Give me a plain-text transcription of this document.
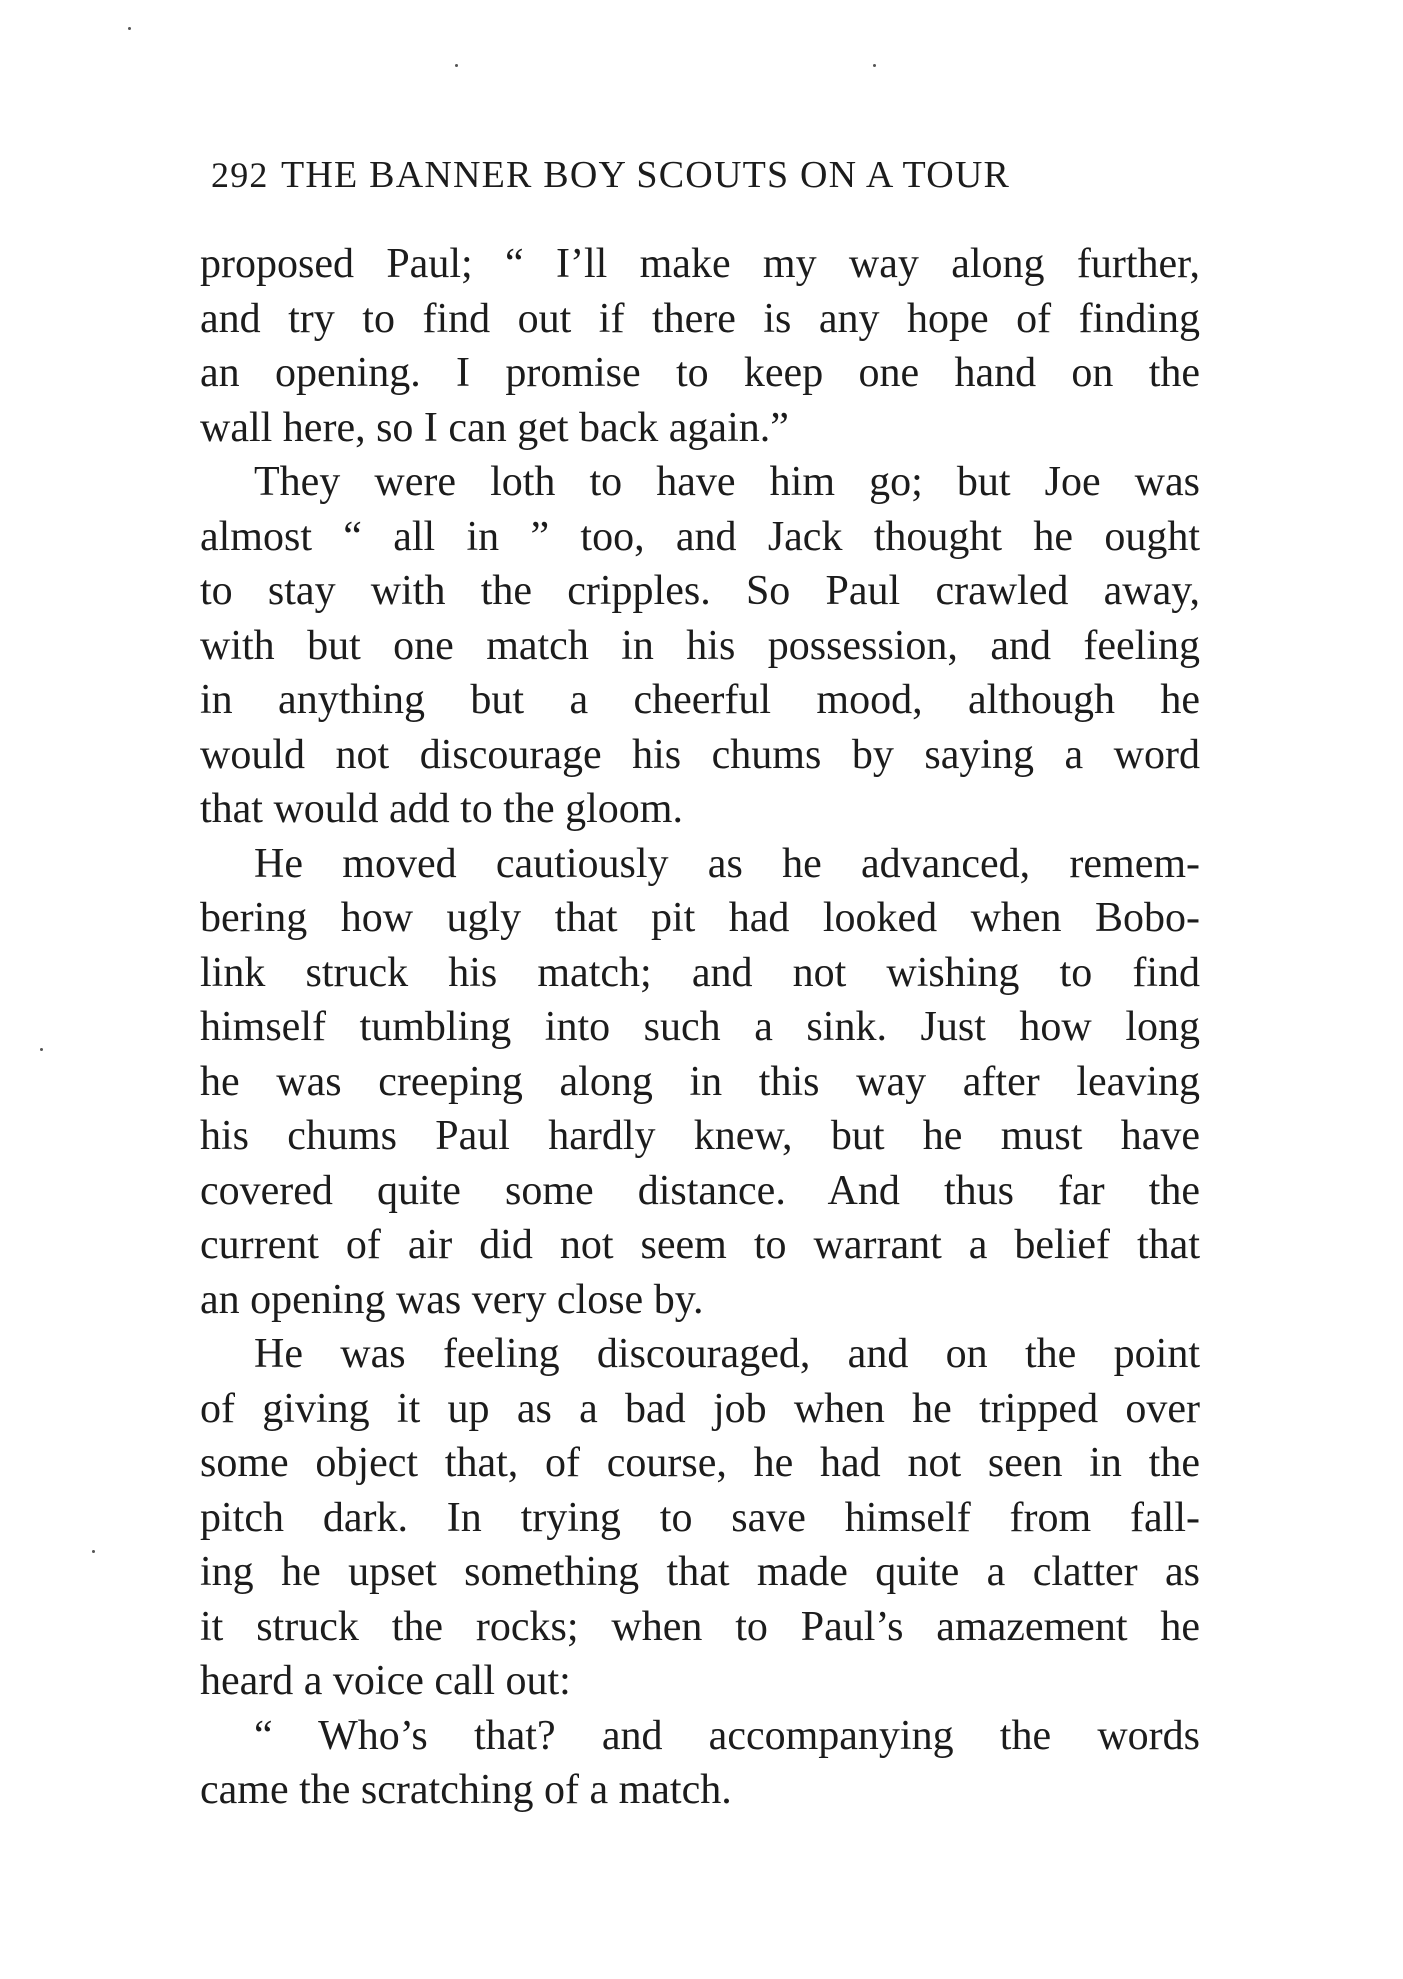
292 THE BANNER BOY SCOUTS ON A TOUR
proposed Paul; “ I’ll make my way along further,
and try to find out if there is any hope of finding
an opening. I promise to keep one hand on the
wall here, so I can get back again.”
They were loth to have him go; but Joe was
almost “ all in ” too, and Jack thought he ought
to stay with the cripples. So Paul crawled away,
with but one match in his possession, and feeling
in anything but a cheerful mood, although he
would not discourage his chums by saying a word
that would add to the gloom.
He moved cautiously as he advanced, remem-
bering how ugly that pit had looked when Bobo-
link struck his match; and not wishing to find
himself tumbling into such a sink. Just how long
he was creeping along in this way after leaving
his chums Paul hardly knew, but he must have
covered quite some distance. And thus far the
current of air did not seem to warrant a belief that
an opening was very close by.
He was feeling discouraged, and on the point
of giving it up as a bad job when he tripped over
some object that, of course, he had not seen in the
pitch dark. In trying to save himself from fall-
ing he upset something that made quite a clatter as
it struck the rocks; when to Paul’s amazement he
heard a voice call out:
“ Who’s that? and accompanying the words
came the scratching of a match.
